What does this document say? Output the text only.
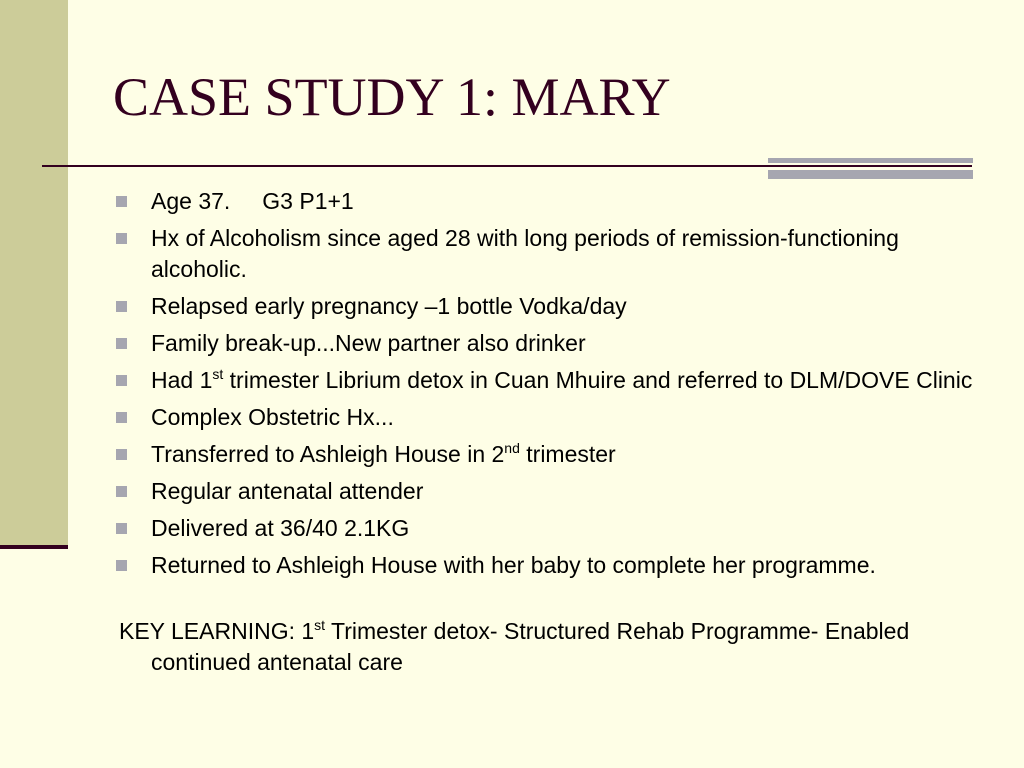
CASE STUDY 1: MARY
Age 37. G3 P1+1
Hx of Alcoholism since aged 28 with long periods of remission-functioning alcoholic.
Relapsed early pregnancy –1 bottle Vodka/day
Family break-up...New partner also drinker
Had 1st trimester Librium detox in Cuan Mhuire and referred to DLM/DOVE Clinic
Complex Obstetric Hx...
Transferred to Ashleigh House in 2nd trimester
Regular antenatal attender
Delivered at 36/40 2.1KG
Returned to Ashleigh House with her baby to complete her programme.

KEY LEARNING: 1st Trimester detox- Structured Rehab Programme- Enabled continued antenatal care
